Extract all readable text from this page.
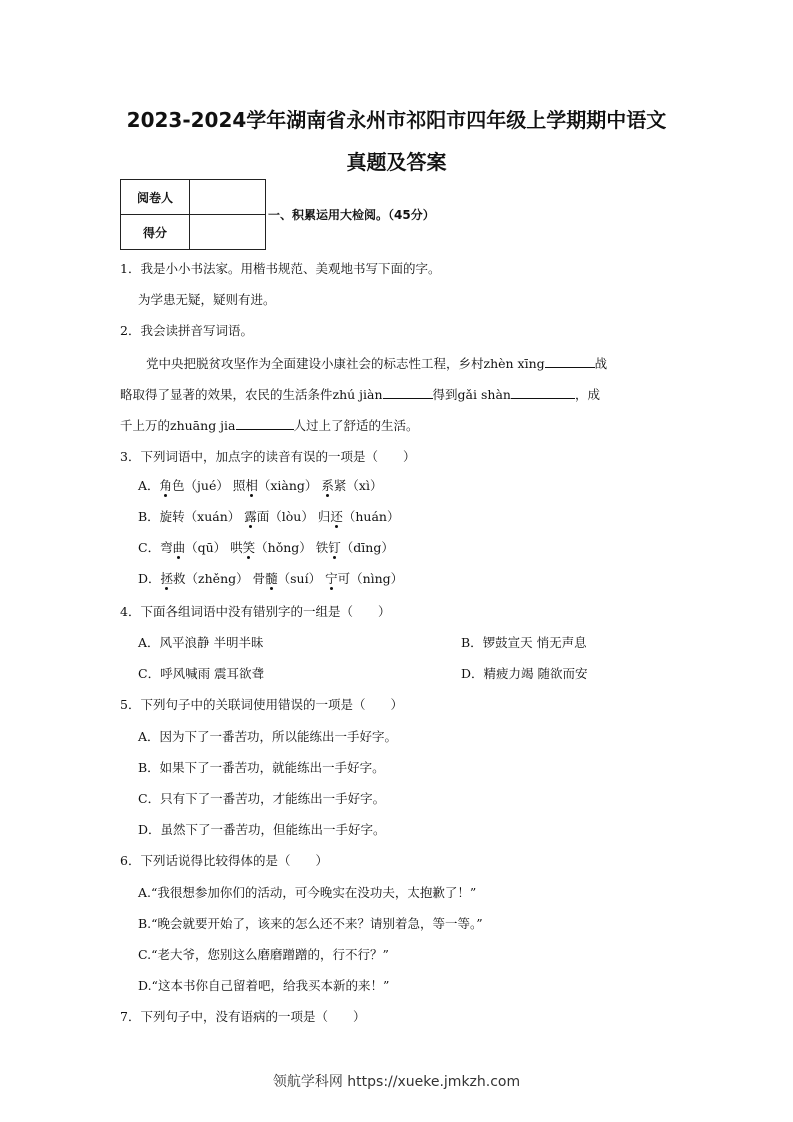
2023-2024学年湖南省永州市祁阳市四年级上学期期中语文
真题及答案
阅卷人	
得分	
一、积累运用大检阅。（45分）
1．我是小小书法家。用楷书规范、美观地书写下面的字。
为学患无疑，疑则有进。
2．我会读拼音写词语。
党中央把脱贫攻坚作为全面建设小康社会的标志性工程，乡村zhèn xīng	战
略取得了显著的效果，农民的生活条件zhú jiàn	得到gǎi shàn	，成
千上万的zhuāng jia	人过上了舒适的生活。
3．下列词语中，加点字的读音有误的一项是（　　）
A．角色（jué） 照相（xiàng） 系紧（xì）
B．旋转（xuán） 露面（lòu） 归还（huán）
C．弯曲（qū） 哄笑（hǒng） 铁钉（dīng）
D．拯救（zhěng） 骨髓（suí） 宁可（nìng）
4．下面各组词语中没有错别字的一组是（　　）
A．风平浪静 半明半昧	B．锣鼓宣天 悄无声息
C．呼风喊雨 震耳欲聋	D．精疲力竭 随欲而安
5．下列句子中的关联词使用错误的一项是（　　）
A．因为下了一番苦功，所以能练出一手好字。
B．如果下了一番苦功，就能练出一手好字。
C．只有下了一番苦功，才能练出一手好字。
D．虽然下了一番苦功，但能练出一手好字。
6．下列话说得比较得体的是（　　）
A.“我很想参加你们的活动，可今晚实在没功夫，太抱歉了！”
B.“晚会就要开始了，该来的怎么还不来？请别着急，等一等。”
C.“老大爷，您别这么磨磨蹭蹭的，行不行？”
D.“这本书你自己留着吧，给我买本新的来！”
7．下列句子中，没有语病的一项是（　　）
领航学科网 https://xueke.jmkzh.com
